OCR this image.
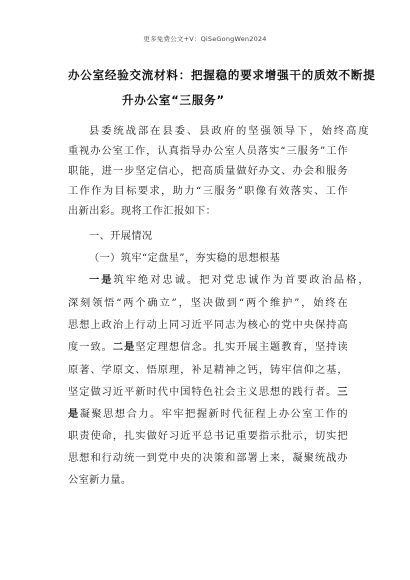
更多免费公文+V：QiSeGongWen2024
办公室经验交流材料：把握稳的要求增强干的质效不断提
升办公室“三服务”
县委统战部在县委、县政府的坚强领导下，始终高度
重视办公室工作，认真指导办公室人员落实“三服务”工作
职能，进一步坚定信心，把高质量做好办文、办会和服务
工作作为目标要求，助力“三服务”职像有效落实、工作
出新出彩。现将工作汇报如下：
一、开展情况
（一）筑牢“定盘星”，夯实稳的思想根基
一是筑牢绝对忠诚。把对党忠诚作为首要政治品格，
深刻领悟“两个确立”，坚决做到“两个维护”，始终在
思想上政治上行动上同习近平同志为核心的党中央保持高
度一致。二是坚定理想信念。扎实开展主题教育，坚持读
原著、学原文、悟原理，补足精神之钙，铸牢信仰之基，
坚定做习近平新时代中国特色社会主义思想的践行者。三
是凝聚思想合力。牢牢把握新时代征程上办公室工作的
职责使命，扎实做好习近平总书记重要指示批示，切实把
思想和行动统一到党中央的决策和部署上来，凝聚统战办
公室新力量。
